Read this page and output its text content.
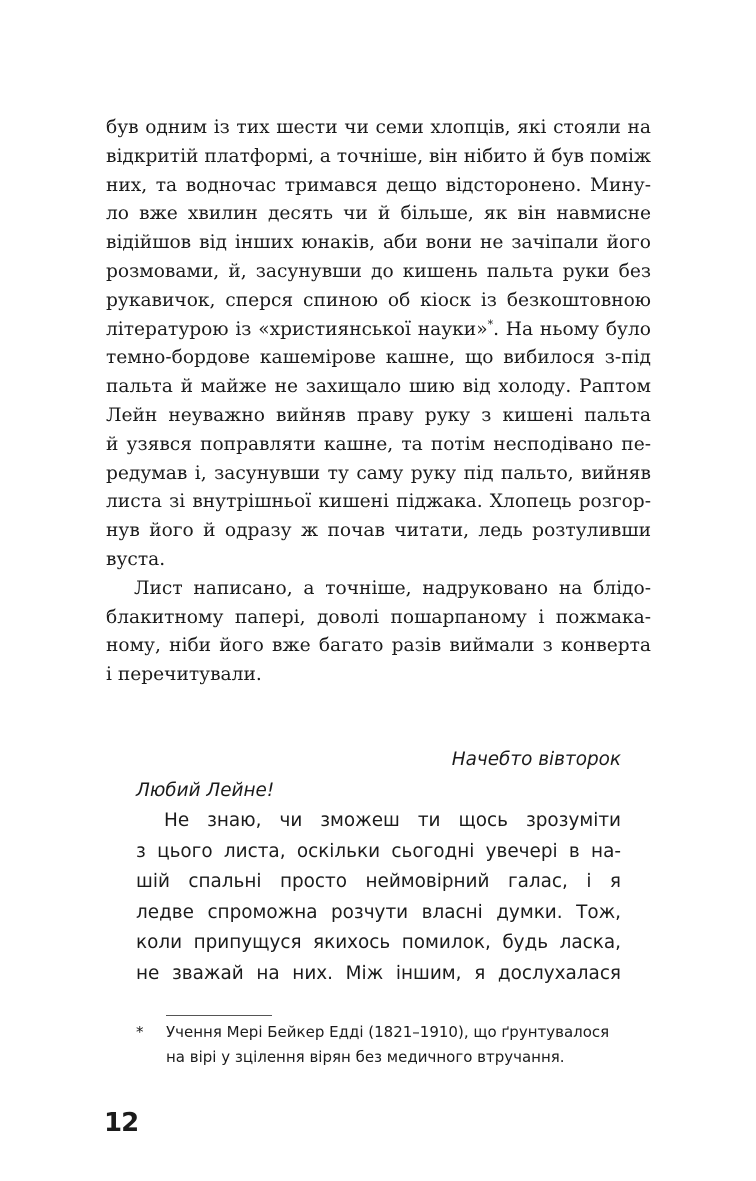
був одним із тих шести чи семи хлопців, які стояли на
відкритій платформі, а точніше, він нібито й був поміж
них, та водночас тримався дещо відсторонено. Мину-
ло вже хвилин десять чи й більше, як він навмисне
відійшов від інших юнаків, аби вони не зачіпали його
розмовами, й, засунувши до кишень пальта руки без
рукавичок, сперся спиною об кіоск із безкоштовною
літературою із «християнської науки»*. На ньому було
темно-бордове кашемірове кашне, що вибилося з-під
пальта й майже не захищало шию від холоду. Раптом
Лейн неуважно вийняв праву руку з кишені пальта
й узявся поправляти кашне, та потім несподівано пе-
редумав і, засунувши ту саму руку під пальто, вийняв
листа зі внутрішньої кишені піджака. Хлопець розгор-
нув його й одразу ж почав читати, ледь розтуливши
вуста.
Лист написано, а точніше, надруковано на блідо-
блакитному папері, доволі пошарпаному і пожмака-
ному, ніби його вже багато разів виймали з конверта
і перечитували.
Начебто вівторок
Любий Лейне!
Не знаю, чи зможеш ти щось зрозуміти
з цього листа, оскільки сьогодні увечері в на-
шій спальні просто неймовірний галас, і я
ледве спроможна розчути власні думки. Тож,
коли припущуся якихось помилок, будь ласка,
не зважай на них. Між іншим, я дослухалася
* Учення Мері Бейкер Едді (1821–1910), що ґрунтувалося
на вірі у зцілення вірян без медичного втручання.
12
